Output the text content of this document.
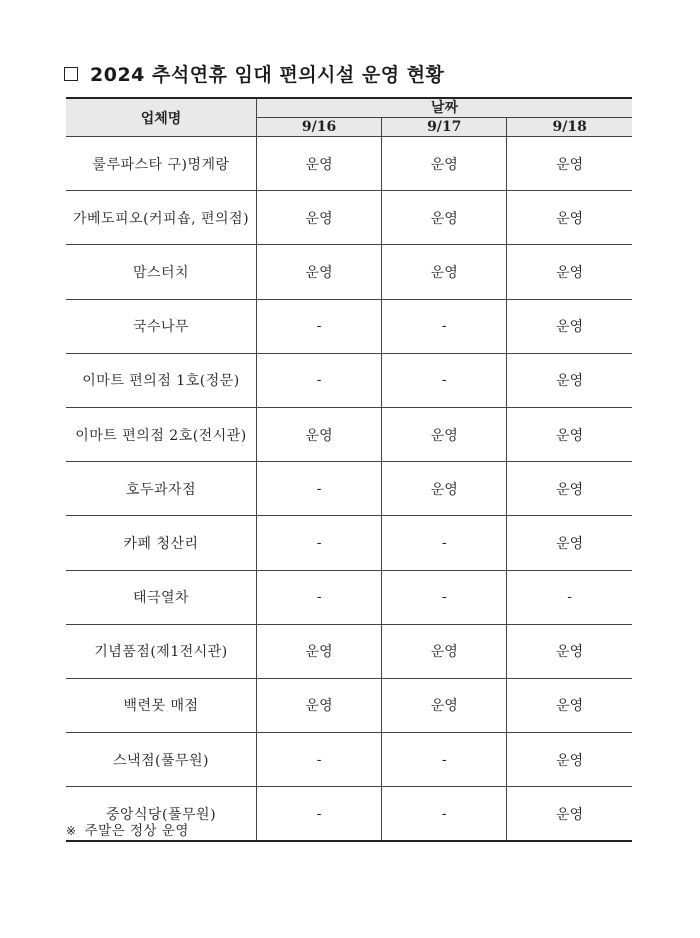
2024 추석연휴 임대 편의시설 운영 현황
업체명	날짜		
	9/16	9/17	9/18
룰루파스타 구)명게랑	운영	운영	운영
가베도피오(커피숍, 편의점)	운영	운영	운영
맘스터치	운영	운영	운영
국수나무	-	-	운영
이마트 편의점 1호(정문)	-	-	운영
이마트 편의점 2호(전시관)	운영	운영	운영
호두과자점	-	운영	운영
카페 청산리	-	-	운영
태극열차	-	-	-
기념품점(제1전시관)	운영	운영	운영
백련못 매점	운영	운영	운영
스낵점(풀무원)	-	-	운영
중앙식당(풀무원)	-	-	운영
※ 주말은 정상 운영
